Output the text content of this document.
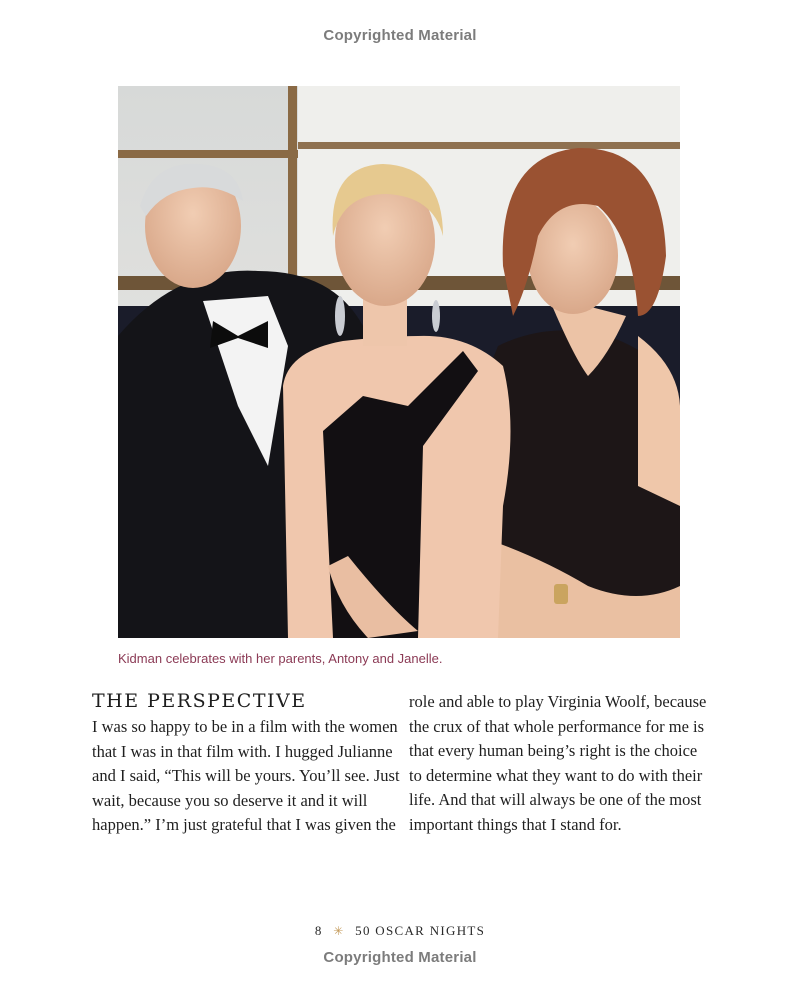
Copyrighted Material
Kidman celebrates with her parents, Antony and Janelle.
THE PERSPECTIVE
I was so happy to be in a film with the women
that I was in that film with. I hugged Julianne
and I said, “This will be yours. You’ll see. Just
wait, because you so deserve it and it will
happen.” I’m just grateful that I was given the
role and able to play Virginia Woolf, because
the crux of that whole performance for me is
that every human being’s right is the choice
to determine what they want to do with their
life. And that will always be one of the most
important things that I stand for.
8 ✳ 50 OSCAR NIGHTS
Copyrighted Material
